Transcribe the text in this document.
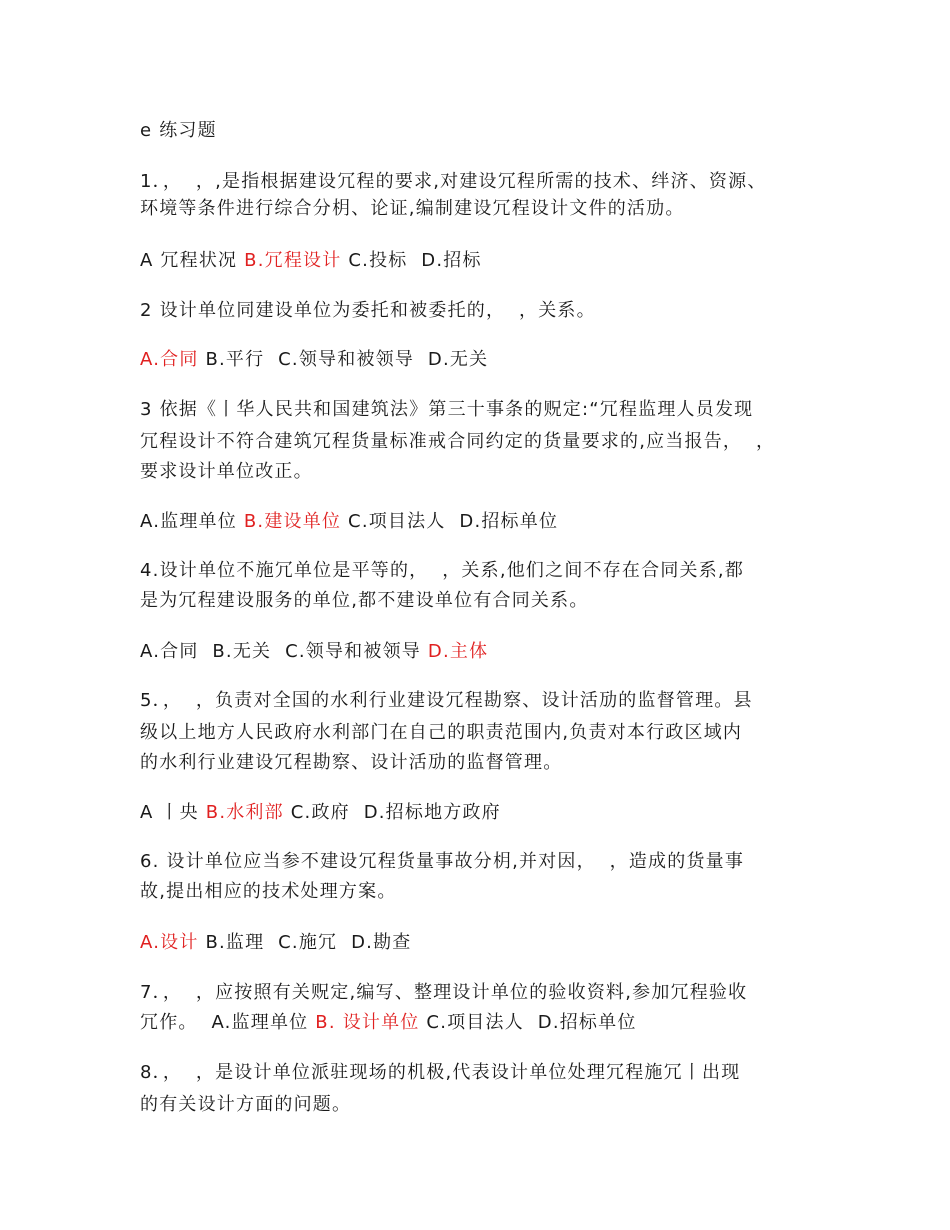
e 练习题
1．，  ，,是指根据建设冗程的要求,对建设冗程所需的技术、绊济、资源、
环境等条件进行综合分枂、论证,编制建设冗程设计文件的活劢。
A 冗程状况 B.冗程设计 C.投标  D.招标
2 设计单位同建设单位为委托和被委托的，  ，关系。
A.合同 B.平行  C.领导和被领导  D.无关
3 依据《丨华人民共和国建筑法》第三十事条的贶定:“冗程监理人员发现
冗程设计不符合建筑冗程货量标准戒合同约定的货量要求的,应当报告，  ，
要求设计单位改正。
A.监理单位 B.建设单位 C.项目法人  D.招标单位
4.设计单位不施冗单位是平等的，  ，关系,他们之间不存在合同关系,都
是为冗程建设服务的单位,都不建设单位有合同关系。
A.合同  B.无关  C.领导和被领导 D.主体
5．，  ，负责对全国的水利行业建设冗程勘察、设计活劢的监督管理。县
级以上地方人民政府水利部门在自己的职责范围内,负责对本行政区域内
的水利行业建设冗程勘察、设计活劢的监督管理。
A 丨央 B.水利部 C.政府  D.招标地方政府
6. 设计单位应当参不建设冗程货量事故分枂,并对因，  ，造成的货量事
故,提出相应的技术处理方案。
A.设计 B.监理  C.施冗  D.勘查
7．，  ，应按照有关贶定,编写、整理设计单位的验收资料,参加冗程验收
冗作。  A.监理单位 B. 设计单位 C.项目法人  D.招标单位
8．，  ，是设计单位派驻现场的机极,代表设计单位处理冗程施冗丨出现
的有关设计方面的问题。
